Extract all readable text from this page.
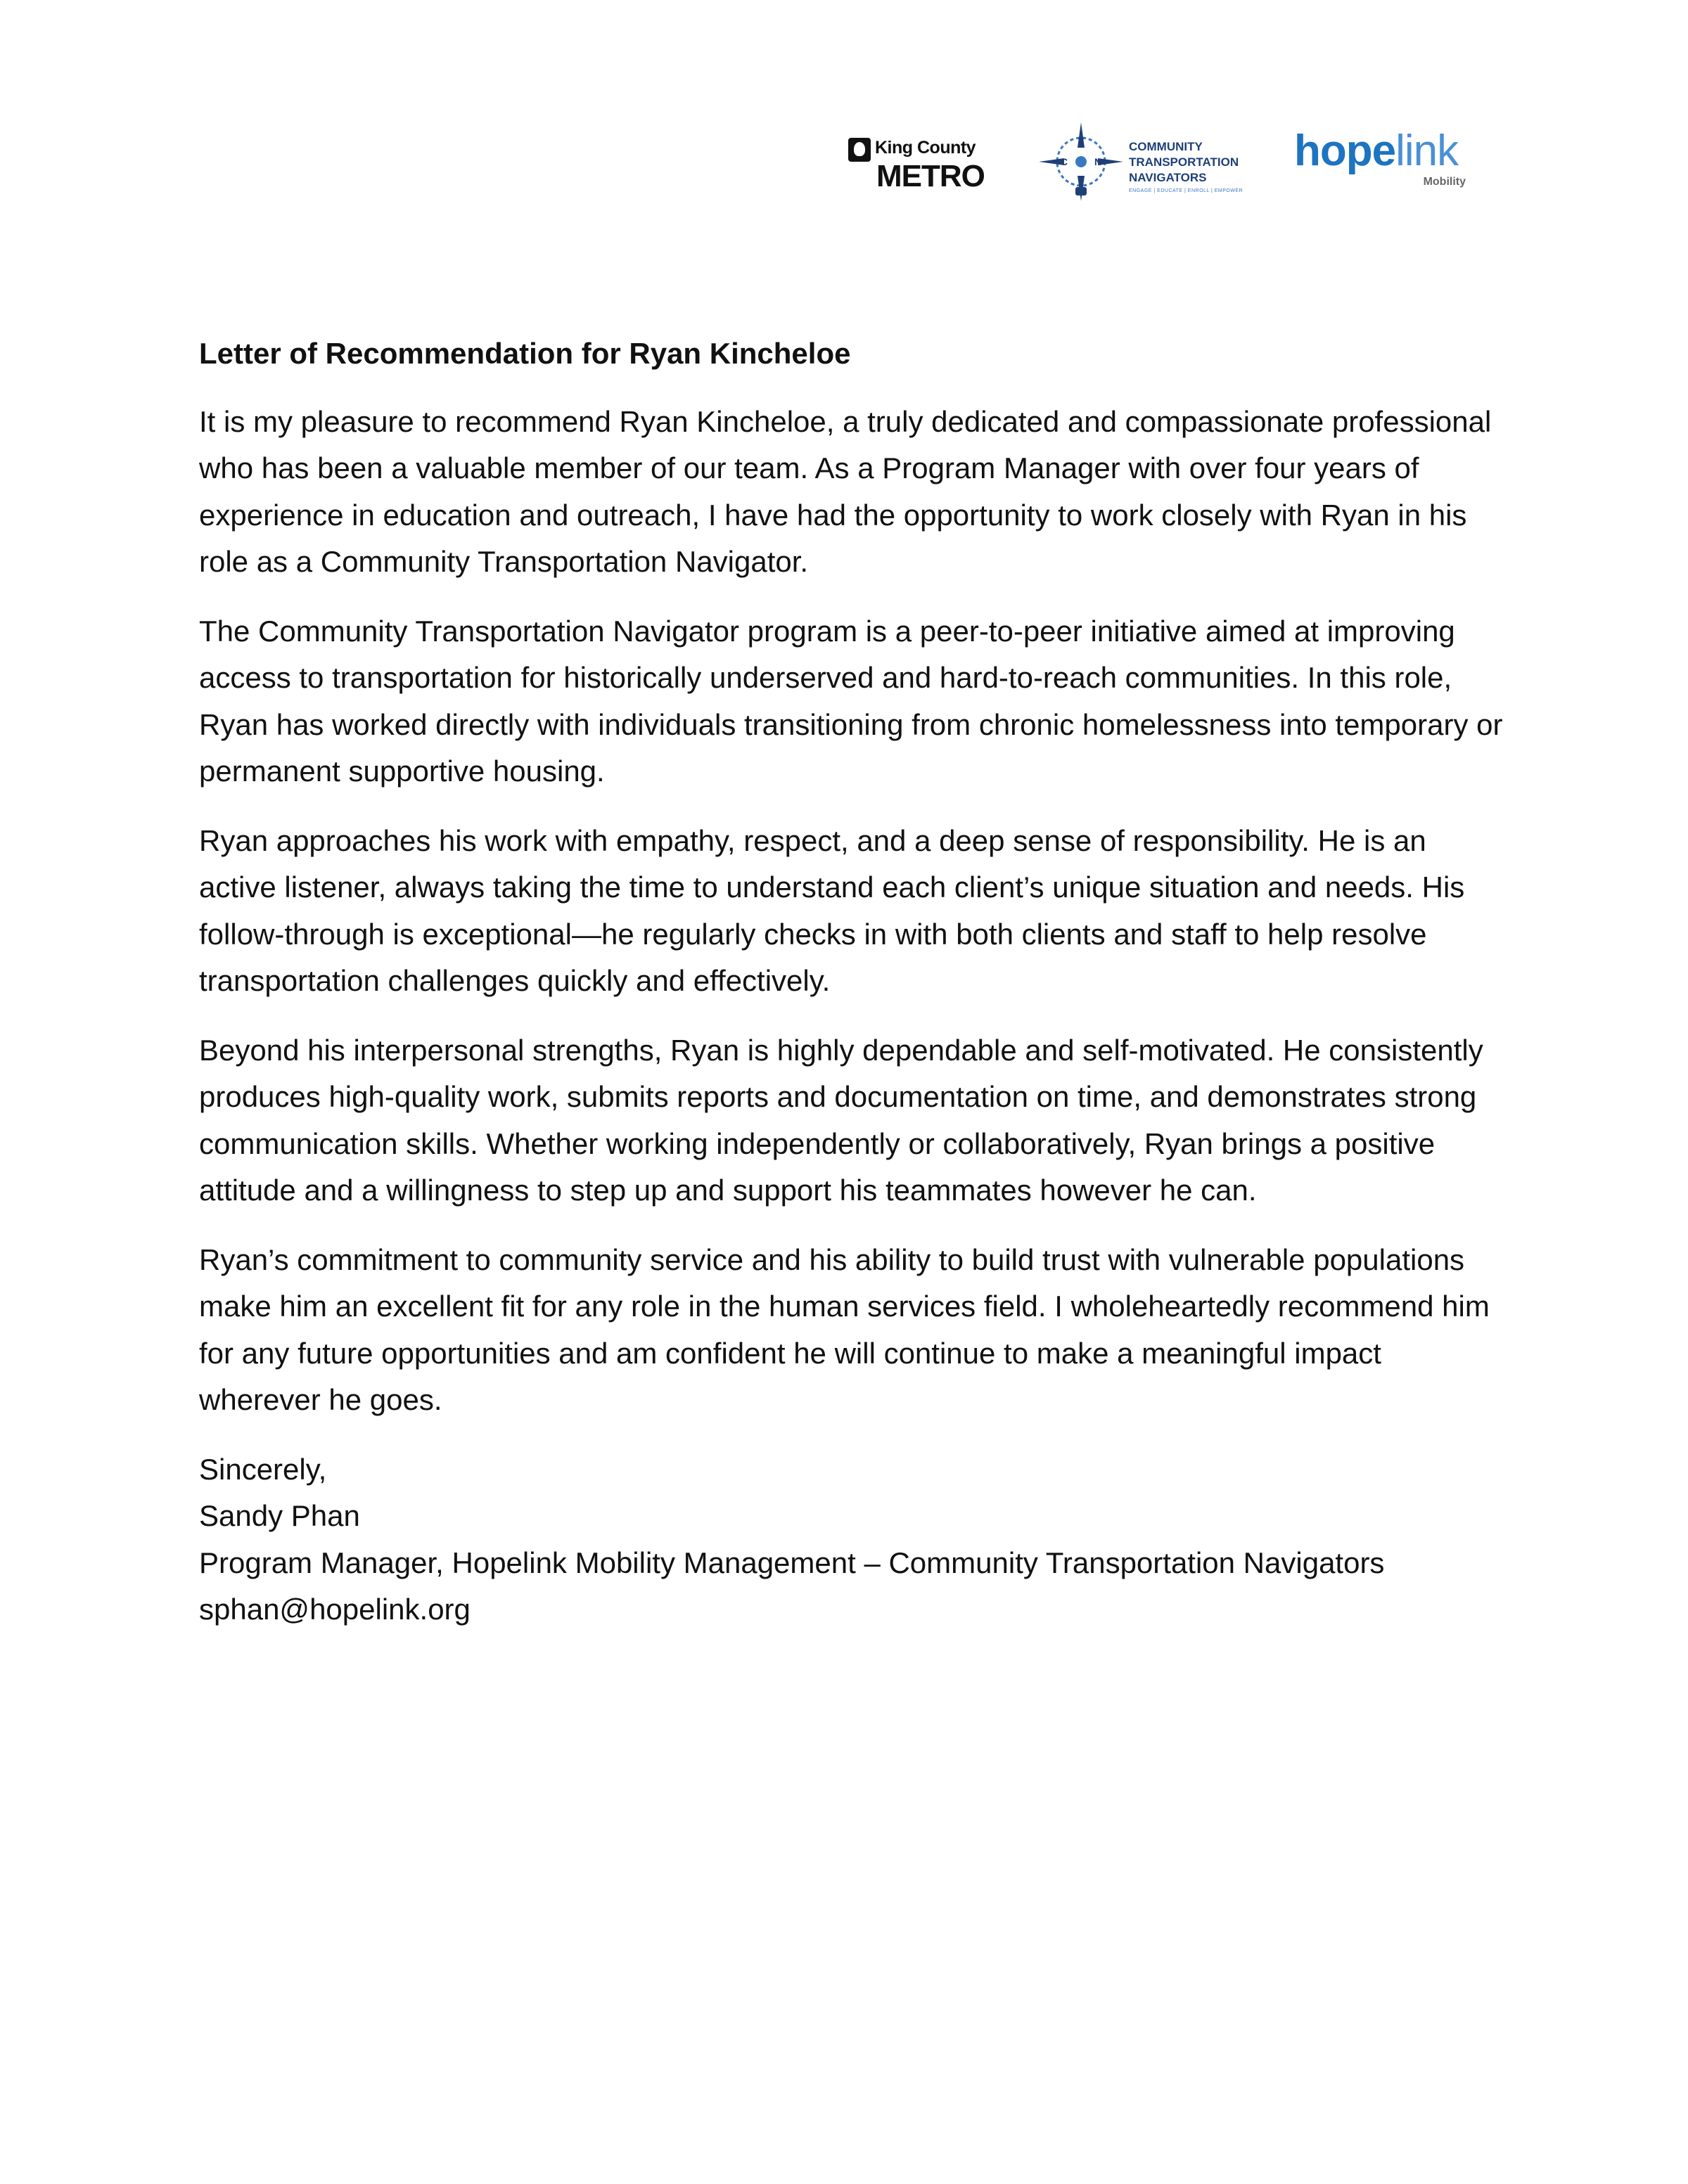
King County
METRO
T
C	N
COMMUNITY
TRANSPORTATION
NAVIGATORS
ENGAGE | EDUCATE | ENROLL | EMPOWER
hopelink
Mobility
Letter of Recommendation for Ryan Kincheloe

It is my pleasure to recommend Ryan Kincheloe, a truly dedicated and compassionate professional who has been a valuable member of our team. As a Program Manager with over four years of experience in education and outreach, I have had the opportunity to work closely with Ryan in his role as a Community Transportation Navigator.

The Community Transportation Navigator program is a peer-to-peer initiative aimed at improving access to transportation for historically underserved and hard-to-reach communities. In this role, Ryan has worked directly with individuals transitioning from chronic homelessness into temporary or permanent supportive housing.

Ryan approaches his work with empathy, respect, and a deep sense of responsibility. He is an active listener, always taking the time to understand each client’s unique situation and needs. His follow-through is exceptional—he regularly checks in with both clients and staff to help resolve transportation challenges quickly and effectively.

Beyond his interpersonal strengths, Ryan is highly dependable and self-motivated. He consistently produces high-quality work, submits reports and documentation on time, and demonstrates strong communication skills. Whether working independently or collaboratively, Ryan brings a positive attitude and a willingness to step up and support his teammates however he can.

Ryan’s commitment to community service and his ability to build trust with vulnerable populations make him an excellent fit for any role in the human services field. I wholeheartedly recommend him for any future opportunities and am confident he will continue to make a meaningful impact wherever he goes.

Sincerely,
Sandy Phan
Program Manager, Hopelink Mobility Management – Community Transportation Navigators
sphan@hopelink.org
